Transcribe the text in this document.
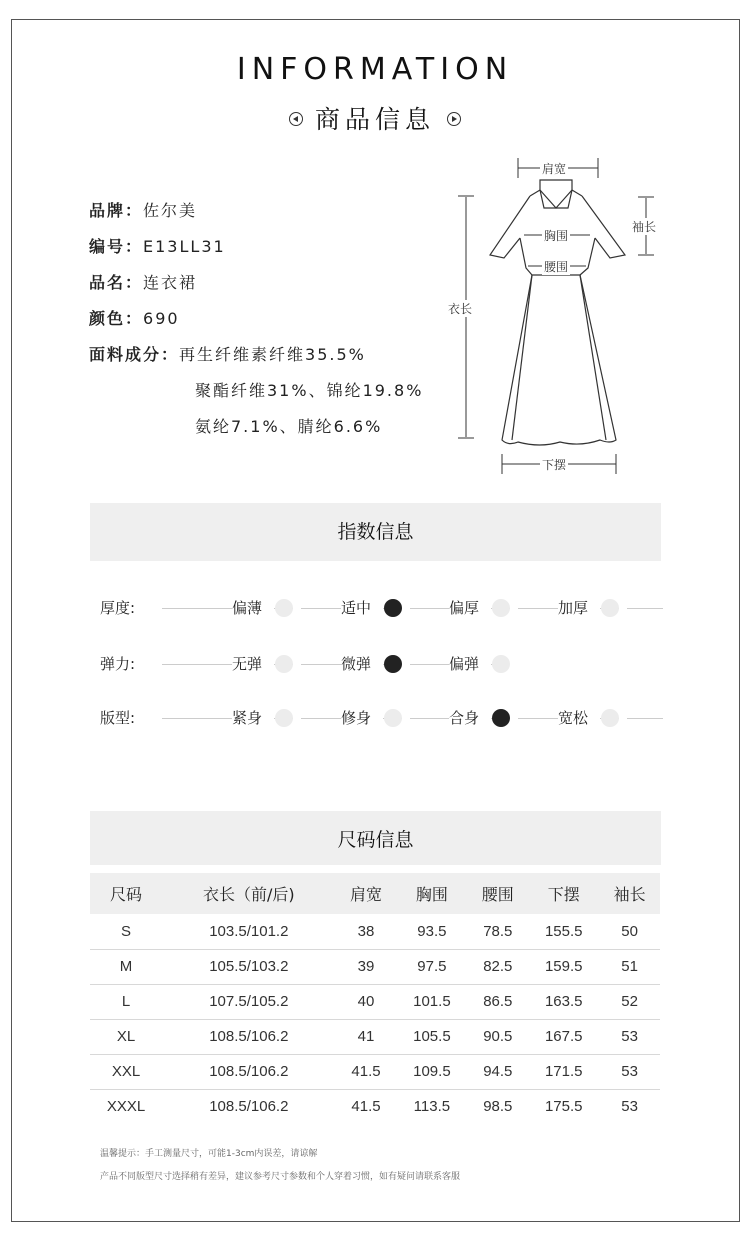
INFORMATION
商品信息
品牌：佐尔美
编号：E13LL31
品名：连衣裙
颜色：690
面料成分：再生纤维素纤维35.5%
聚酯纤维31%、锦纶19.8%
氨纶7.1%、腈纶6.6%
肩宽
袖长
胸围
腰围
衣长
下摆
指数信息
厚度:	偏薄	适中	偏厚	加厚
弹力:	无弹	微弹	偏弹
版型:	紧身	修身	合身	宽松
尺码信息
尺码	衣长（前/后)	肩宽	胸围	腰围	下摆	袖长
S	103.5/101.2	38	93.5	78.5	155.5	50
M	105.5/103.2	39	97.5	82.5	159.5	51
L	107.5/105.2	40	101.5	86.5	163.5	52
XL	108.5/106.2	41	105.5	90.5	167.5	53
XXL	108.5/106.2	41.5	109.5	94.5	171.5	53
XXXL	108.5/106.2	41.5	113.5	98.5	175.5	53
温馨提示：手工测量尺寸，可能1-3cm内误差，请谅解
产品不同版型尺寸选择稍有差异，建议参考尺寸参数和个人穿着习惯，如有疑问请联系客服
